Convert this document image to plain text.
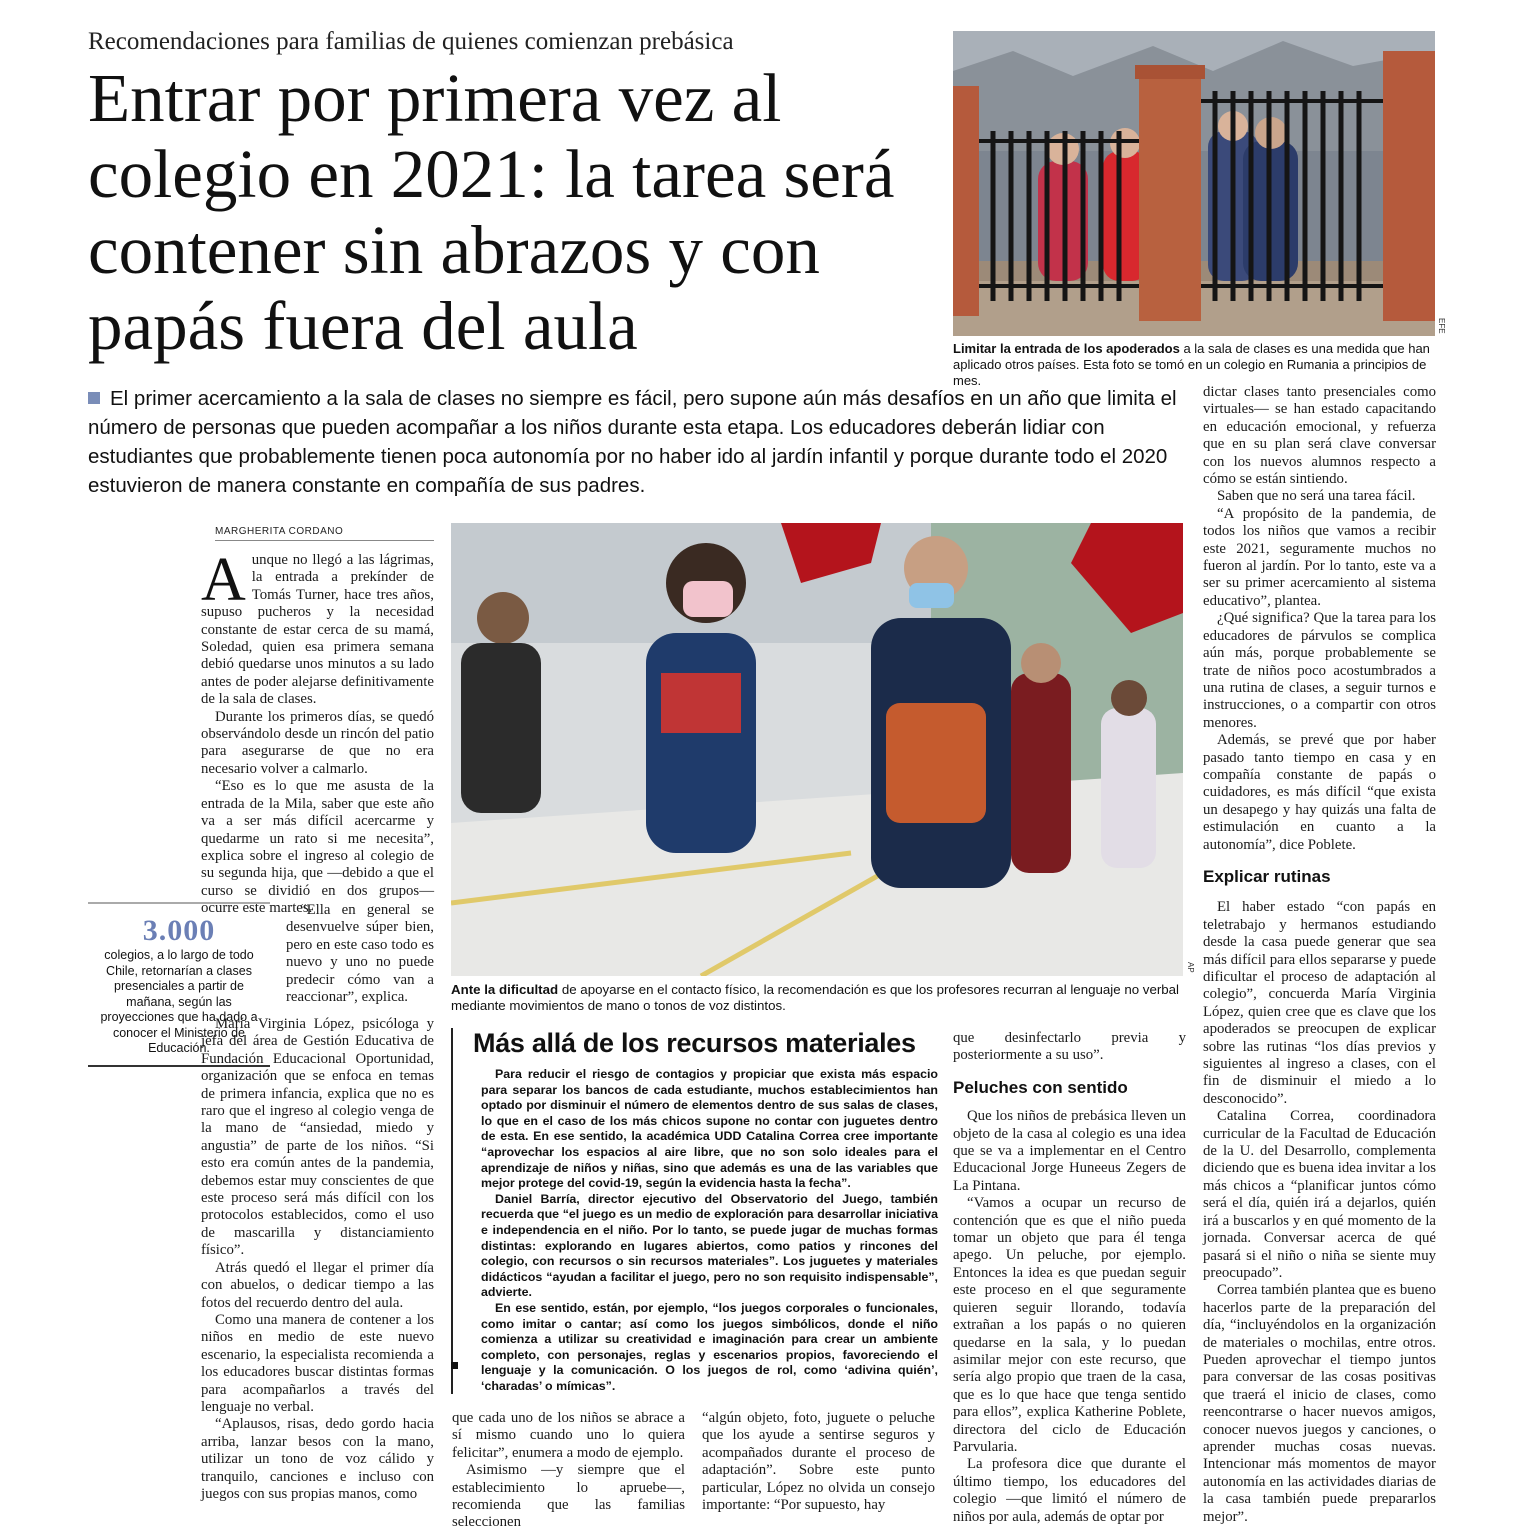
Recomendaciones para familias de quienes comienzan prebásica
Entrar por primera vez al colegio en 2021: la tarea será contener sin abrazos y con papás fuera del aula	EFE
Limitar la entrada de los apoderados a la sala de clases es una medida que han aplicado otros países. Esta foto se tomó en un colegio en Rumania a principios de mes.
El primer acercamiento a la sala de clases no siempre es fácil, pero supone aún más desafíos en un año que limita el número de personas que pueden acompañar a los niños durante esta etapa. Los educadores deberán lidiar con estudiantes que probablemente tienen poca autonomía por no haber ido al jardín infantil y porque durante todo el 2020 estuvieron de manera constante en compañía de sus padres.
MARGHERITA CORDANO

Aunque no llegó a las lágrimas, la entrada a prekínder de Tomás Turner, hace tres años, supuso pucheros y la necesidad constante de estar cerca de su mamá, Soledad, quien esa primera semana debió quedarse unos minutos a su lado antes de poder alejarse definitivamente de la sala de clases.

Durante los primeros días, se quedó observándolo desde un rincón del patio para asegurarse de que no era necesario volver a calmarlo.

“Eso es lo que me asusta de la entrada de la Mila, saber que este año va a ser más difícil acercarme y quedarme un rato si me necesita”, explica sobre el ingreso al colegio de su segunda hija, que —debido a que el curso se dividió en dos grupos— ocurre este martes.

“Ella en general se desenvuelve súper bien, pero en este caso todo es nuevo y uno no puede predecir cómo van a reaccionar”, explica.

3.000
colegios, a lo largo de todo Chile, retornarían a clases presenciales a partir de mañana, según las proyecciones que ha dado a conocer el Ministerio de Educación.

María Virginia López, psicóloga y jefa del área de Gestión Educativa de Fundación Educacional Oportunidad, organización que se enfoca en temas de primera infancia, explica que no es raro que el ingreso al colegio venga de la mano de “ansiedad, miedo y angustia” de parte de los niños. “Si esto era común antes de la pandemia, debemos estar muy conscientes de que este proceso será más difícil con los protocolos establecidos, como el uso de mascarilla y distanciamiento físico”.

Atrás quedó el llegar el primer día con abuelos, o dedicar tiempo a las fotos del recuerdo dentro del aula.

Como una manera de contener a los niños en medio de este nuevo escenario, la especialista recomienda a los educadores buscar distintas formas para acompañarlos a través del lenguaje no verbal.

“Aplausos, risas, dedo gordo hacia arriba, lanzar besos con la mano, utilizar un tono de voz cálido y tranquilo, canciones e incluso con juegos con sus propias manos, como

AP
Ante la dificultad de apoyarse en el contacto físico, la recomendación es que los profesores recurran al lenguaje no verbal mediante movimientos de mano o tonos de voz distintos.
Más allá de los recursos materiales

Para reducir el riesgo de contagios y propiciar que exista más espacio para separar los bancos de cada estudiante, muchos establecimientos han optado por disminuir el número de elementos dentro de sus salas de clases, lo que en el caso de los más chicos supone no contar con juguetes dentro de esta. En ese sentido, la académica UDD Catalina Correa cree importante “aprovechar los espacios al aire libre, que no son solo ideales para el aprendizaje de niños y niñas, sino que además es una de las variables que mejor protege del covid-19, según la evidencia hasta la fecha”.

Daniel Barría, director ejecutivo del Observatorio del Juego, también recuerda que “el juego es un medio de exploración para desarrollar iniciativa e independencia en el niño. Por lo tanto, se puede jugar de muchas formas distintas: explorando en lugares abiertos, como patios y rincones del colegio, con recursos o sin recursos materiales”. Los juguetes y materiales didácticos “ayudan a facilitar el juego, pero no son requisito indispensable”, advierte.

En ese sentido, están, por ejemplo, “los juegos corporales o funcionales, como imitar o cantar; así como los juegos simbólicos, donde el niño comienza a utilizar su creatividad e imaginación para crear un ambiente completo, con personajes, reglas y escenarios propios, favoreciendo el lenguaje y la comunicación. O los juegos de rol, como ‘adivina quién’, ‘charadas’ o mímicas”.

que cada uno de los niños se abrace a sí mismo cuando uno lo quiera felicitar”, enumera a modo de ejemplo.

Asimismo —y siempre que el establecimiento lo apruebe—, recomienda que las familias seleccionen

“algún objeto, foto, juguete o peluche que los ayude a sentirse seguros y acompañados durante el proceso de adaptación”. Sobre este punto particular, López no olvida un consejo importante: “Por supuesto, hay

que desinfectarlo previa y posteriormente a su uso”.

Peluches con sentido

Que los niños de prebásica lleven un objeto de la casa al colegio es una idea que se va a implementar en el Centro Educacional Jorge Huneeus Zegers de La Pintana.

“Vamos a ocupar un recurso de contención que es que el niño pueda tomar un objeto que para él tenga apego. Un peluche, por ejemplo. Entonces la idea es que puedan seguir este proceso en el que seguramente quieren seguir llorando, todavía extrañan a los papás o no quieren quedarse en la sala, y lo puedan asimilar mejor con este recurso, que sería algo propio que traen de la casa, que es lo que hace que tenga sentido para ellos”, explica Katherine Poblete, directora del ciclo de Educación Parvularia.

La profesora dice que durante el último tiempo, los educadores del colegio —que limitó el número de niños por aula, además de optar por

dictar clases tanto presenciales como virtuales— se han estado capacitando en educación emocional, y refuerza que en su plan será clave conversar con los nuevos alumnos respecto a cómo se están sintiendo.

Saben que no será una tarea fácil.

“A propósito de la pandemia, de todos los niños que vamos a recibir este 2021, seguramente muchos no fueron al jardín. Por lo tanto, este va a ser su primer acercamiento al sistema educativo”, plantea.

¿Qué significa? Que la tarea para los educadores de párvulos se complica aún más, porque probablemente se trate de niños poco acostumbrados a una rutina de clases, a seguir turnos e instrucciones, o a compartir con otros menores.

Además, se prevé que por haber pasado tanto tiempo en casa y en compañía constante de papás o cuidadores, es más difícil “que exista un desapego y hay quizás una falta de estimulación en cuanto a la autonomía”, dice Poblete.

Explicar rutinas

El haber estado “con papás en teletrabajo y hermanos estudiando desde la casa puede generar que sea más difícil para ellos separarse y puede dificultar el proceso de adaptación al colegio”, concuerda María Virginia López, quien cree que es clave que los apoderados se preocupen de explicar sobre las rutinas “los días previos y siguientes al ingreso a clases, con el fin de disminuir el miedo a lo desconocido”.

Catalina Correa, coordinadora curricular de la Facultad de Educación de la U. del Desarrollo, complementa diciendo que es buena idea invitar a los más chicos a “planificar juntos cómo será el día, quién irá a dejarlos, quién irá a buscarlos y en qué momento de la jornada. Conversar acerca de qué pasará si el niño o niña se siente muy preocupado”.

Correa también plantea que es bueno hacerlos parte de la preparación del día, “incluyéndolos en la organización de materiales o mochilas, entre otros. Pueden aprovechar el tiempo juntos para conversar de las cosas positivas que traerá el inicio de clases, como reencontrarse o hacer nuevos amigos, conocer nuevos juegos y canciones, o aprender muchas cosas nuevas. Intencionar más momentos de mayor autonomía en las actividades diarias de la casa también puede prepararlos mejor”.
